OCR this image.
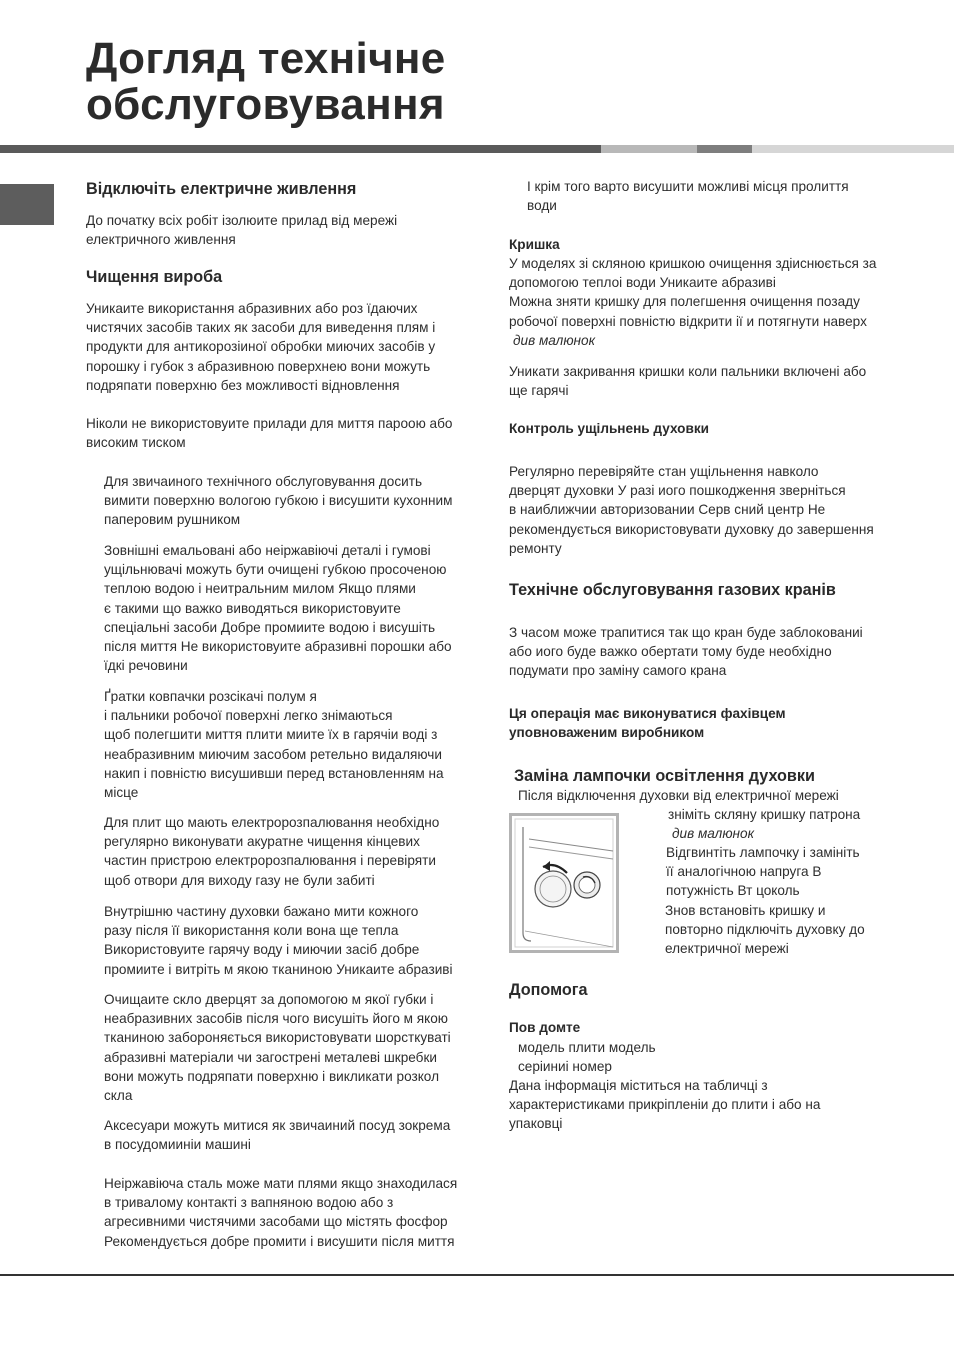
Догляд технічне
обслуговування
Відключіть електричне живлення

До початку всіх робіт ізолюите прилад від мережі
електричного живлення

Чищення виробa

Уникаите використання абразивних або роз їдаючих
чистячих засобів таких як засоби для виведення плям і
продукти для антикорозіиної обробки миючих засобів у
порошку і губок з абразивною поверхнею вони можуть
подряпати поверхню без можливості відновлення

Ніколи не використовуите прилади для миття пароою або
високим тиском

Для звичаиного технічного обслуговування досить
вимити поверхню вологою губкою і висушити кухонним
паперовим рушником

Зовнішні емальовані або неіржавіючі деталі і гумові
ущільнювачі можуть бути очищені губкою просоченою
теплою водою і неитральним милом Якщо плями
є такими що важко виводяться використовуите
спеціальні засоби Добре промиите водою і висушіть
після миття Не використовуите абразивні порошки або
їдкі речовини

Ґратки ковпачки розсікачі полум я
і пальники робочої поверхні легко знімаються
щоб полегшити миття плити миите їх в гарячіи воді з
неабразивним миючим засобом ретельно видаляючи
накип і повністю висушивши перед встановленням на
місце

Для плит що мають електророзпалювання необхідно
регулярно виконувати акуратне чищення кінцевих
частин пристрою електророзпалювання і перевіряти
щоб отвори для виходу газу не були забиті

Внутрішню частину духовки бажано мити кожного
разу після її використання коли вона ще тепла
Використовуите гарячу воду і миючии засіб добре
промиите і витріть м якою тканиною Уникаите абразиві

Очищаите скло дверцят за допомогою м якої губки і
неабразивних засобів після чого висушіть його м якою
тканиною забороняється використовувати шорсткуваті
абразивні матеріали чи загострені металеві шкребки
вони можуть подряпати поверхню і викликати розкол
скла

Аксесуари можуть митися як звичаиний посуд зокрема
в посудомиинiи машині

Неіржавіюча сталь може мати плями якщо знаходилася
в тривалому контакті з вапняною водою або з
агресивними чистячими засобами що містять фосфор
Рекомендується добре промити і висушити після миття

І крім того варто висушити можливі місця пролиття
води

Кришка

У моделях зі скляною кришкою очищення здіиснюється за
допомогою теплоі води Уникаите абразиві
Можна зняти кришку для полегшення очищення позаду
робочої поверхні повністю відкрити ії и потягнути наверх

див малюнок

Уникати закривання кришки коли пальники включені або
ще гарячі

Контроль ущільнень духовки

Регулярно перевіряйте стан ущільнення навколо
дверцят духовки У разі иого пошкодження зверніться
в наиближчии авторизовании Серв сний центр Не
рекомендується використовувати духовку до завершення
ремонту

Технічне обслуговування газових кранів

З часом може трапитися так що кран буде заблокованиі
або иого буде важко обертати тому буде необхідно
подумати про заміну самого крана

Ця операція має виконуватися фахівцем
уповноваженим виробником

Заміна лампочки освітлення духовки

Після відключення духовки від електричної мережі

зніміть скляну кришку патрона

див малюнок

Відгвинтіть лампочку і замініть
її аналогічною напруга В
потужність Вт цоколь

Знов встановіть кришку и
повторно підключіть духовку до
електричної мережі

Допомога

Пов домте

модель плити модель

серіиниі номер

Дана інформація міститься на табличці з
характеристиками прикріпленіи до плити і або на
упаковці
